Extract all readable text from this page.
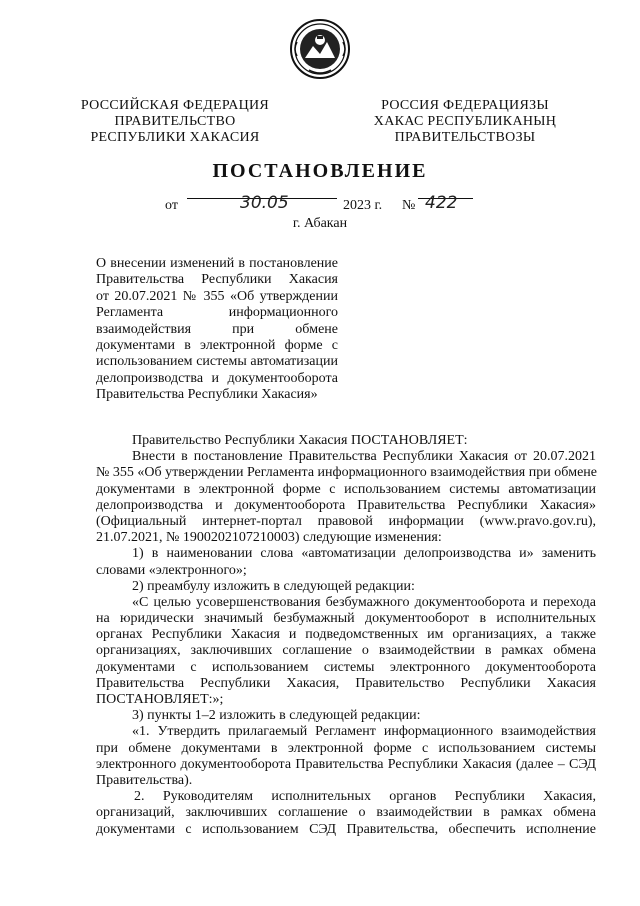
РОССИЙСКАЯ ФЕДЕРАЦИЯ
ПРАВИТЕЛЬСТВО
РЕСПУБЛИКИ ХАКАСИЯ
РОССИЯ ФЕДЕРАЦИЯЗЫ
ХАКАС РЕСПУБЛИКАНЫҢ
ПРАВИТЕЛЬСТВОЗЫ
ПОСТАНОВЛЕНИЕ
от	30.05	2023 г. № 422
г. Абакан
О внесении изменений в постановление
Правительства Республики Хакасия
от 20.07.2021 № 355 «Об утверждении
Регламента информационного
взаимодействия при обмене
документами в электронной форме с
использованием системы автоматизации
делопроизводства и документооборота
Правительства Республики Хакасия»
Правительство Республики Хакасия ПОСТАНОВЛЯЕТ:
Внести в постановление Правительства Республики Хакасия от 20.07.2021
№ 355 «Об утверждении Регламента информационного взаимодействия при обмене
документами в электронной форме с использованием системы автоматизации
делопроизводства и документооборота Правительства Республики Хакасия»
(Официальный интернет-портал правовой информации (www.pravo.gov.ru),
21.07.2021, № 1900202107210003) следующие изменения:
1) в наименовании слова «автоматизации делопроизводства и» заменить
словами «электронного»;
2) преамбулу изложить в следующей редакции:
«С целью усовершенствования безбумажного документооборота и перехода
на юридически значимый безбумажный документооборот в исполнительных
органах Республики Хакасия и подведомственных им организациях, а также
организациях, заключивших соглашение о взаимодействии в рамках обмена
документами с использованием системы электронного документооборота
Правительства Республики Хакасия, Правительство Республики Хакасия
ПОСТАНОВЛЯЕТ:»;
3) пункты 1–2 изложить в следующей редакции:
«1. Утвердить прилагаемый Регламент информационного взаимодействия
при обмене документами в электронной форме с использованием системы
электронного документооборота Правительства Республики Хакасия (далее – СЭД
Правительства).
2. Руководителям исполнительных органов Республики Хакасия,
организаций, заключивших соглашение о взаимодействии в рамках обмена
документами с использованием СЭД Правительства, обеспечить исполнение
